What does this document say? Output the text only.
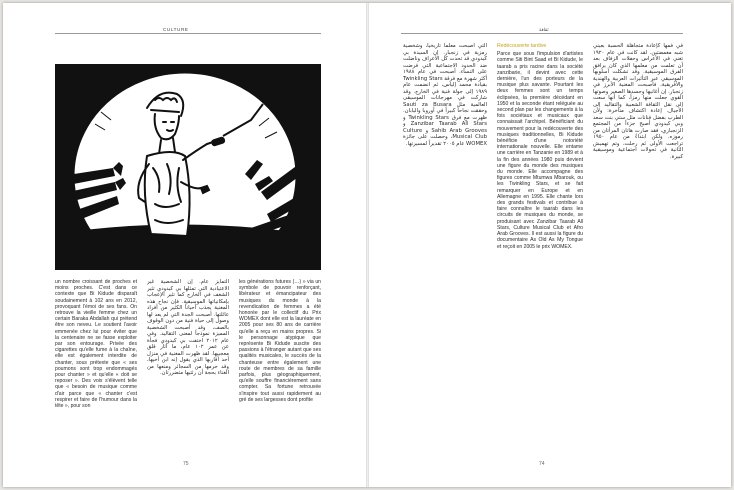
CULTURE

un nombre croissant de proches et moins proches. C'est dans ce contexte que Bi Kidude disparaît soudainement à 102 ans en 2012, provoquant l'émoi de ses fans. On retrouve la vieille femme chez un certain Baraka Abdallah qui prétend être son neveu. Le soutient l'avoir emmenée chez lui pour éviter que la centenaire ne se fasse exploiter par son entourage. Privée des cigarettes qu'elle fume à la chaîne, elle est également interdite de chanter, sous prétexte que « ses poumons sont trop endommagés pour chanter » et qu'elle « doit se reposer ». Des voix s'élèvent telle que « besoin de musique comme d'air parce que « chanter c'est respirer et faire de l'humour dans la tête », pour son

التمايز عام. إن الشخصية غير الاعتيادية التي تمثلها بي كيدودي تثير الشغف في الخارج كما تثير الإعجاب بإمكانياتها الموسيقية. فإن نجاح هذه المغنية يجذب أحياناً الكثير من أفراد عائلتها. أصبحت الجدة التي لم يعد لها وصول إلى حياة فنية من دون الوقوف بالصف، وقد أصبحت الشخصية المميزة نموذجاً لمعنى التقاليد. وفي عام ٢٠١٢ اختفت بي كيدودي فجأة عن عمر ١٠٢ عام، ما أثار قلق معجبيها. لقد ظهرت المغنية في منزل أحد أقاربها الذي يقول إنه ابن أخيها، وقد حرمها من السجائر ومنعها من الغناء بحجة أن رئتيها متضررتان.

les générations futures (…) » via un symbole de pouvoir renforçant, libérateur et émancipateur des musiques du monde à la revendication de femmes a été honorée par le collectif du Prix WOMEX dont elle est la lauréate en 2005 pour ses 80 ans de carrière qu'elle a reçu en mains propres. Si le personnage atypique que représente Bi Kidude suscite des passions à l'étranger autant que ses qualités musicales, le succès de la chanteuse entre également une route de membres de sa famille parfois, plus géographiquement, qu'elle souffre financièrement sans compter. Sa fortune retrouvée s'inspire tout aussi rapidement au gré de ses largesses dont profite

75
ثقافة

التي أصبحت معلماً تاريخياً، وشخصية رمزية في زنجبار. إن السيدة بي كيدودي قد تحدت كل الأعراف وناضلت ضد الحدود الاجتماعية التي فرضت على النساء. أصبحت في عام ١٩٨٨ أكثر شهرة مع فرقة Twinkling Stars بقيادة محمد إلياس، ثم انضمت عام ١٩٨٩ إلى جولة فنية في الخارج. وقد شاركت في مهرجانات الموسيقى العالمية مثل Sauti za Busara وحققت نجاحاً كبيراً في أوروبا واليابان. ظهرت مع فرق Twinkling Stars و Zanzibar Taarab All Stars و Sahib Arab Grooves و Culture Musical Club، وحصلت على جائزة WOMEX عام ٢٠٠٥ تقديراً لمسيرتها.

Redécouverte tardive

Parce que sous l'impulsion d'artistes comme Siti Bint Saad et Bi Kidude, le taarab a pris racine dans la société zanzibarie, il devint avec cette dernière, l'un des porteurs de la musique plus savante. Pourtant les deux femmes sont un temps éclipsées, la première décédant en 1950 et la seconde étant reléguée au second plan par les changements à la fois sociétaux et musicaux que connaissait l'archipel. Bénéficiant du mouvement pour la redécouverte des musiques traditionnelles, Bi Kidude bénéficie d'une notoriété internationale nouvelle. Elle entame une carrière en Tanzanie en 1989 et à la fin des années 1980 puis devient une figure du monde des musiques du monde. Elle accompagne des figures comme Mtumwa Mbarouk, ou les Twinkling Stars, et se fait remarquer en Europe et en Allemagne en 1995. Elle chante lors des grands festivals et contribue à faire connaître le taarab dans les circuits de musiques du monde, se produisant avec Zanzibar Taarab All Stars, Culture Musical Club et Afro Arab Grooves. Il est aussi la figure du documentaire As Old As My Tongue et reçoit en 2005 le prix WOMEX.

في فمها كإعادة متجاهلة الحسبة بعيني شبه مغمضتين. لقد كانت في عام ١٩٢٠ تغني في الأعراس وحفلات الزفاف بعد أن تعلمت من معلمها الذي كان يرافق الفرق الموسيقية. وقد تشكلت أسلوبها الموسيقي عبر التأثيرات العربية والهندية والأفريقية، فأصبحت المغنية الأبرز في زنجبار. إن أغانيها وجسدها الصغير وصوتها القوي جعلت منها رمزاً، كما أنها سعت إلى نقل الثقافة الشعبية والتقاليد إلى الأجيال. إعادة اكتشاف متأخرة: ولأن الطرب بفضل فنانات مثل ستي بنت سعد وبي كيدودي أصبح جزءاً من المجتمع الزنجباري، فقد صارت هاتان المرأتان من رموزه. ولكن ابتداءً من عام ١٩٥٠ تراجعت الأولى ثم رحلت، وتم تهميش الثانية في تحولات اجتماعية وموسيقية كبيرة.

74
